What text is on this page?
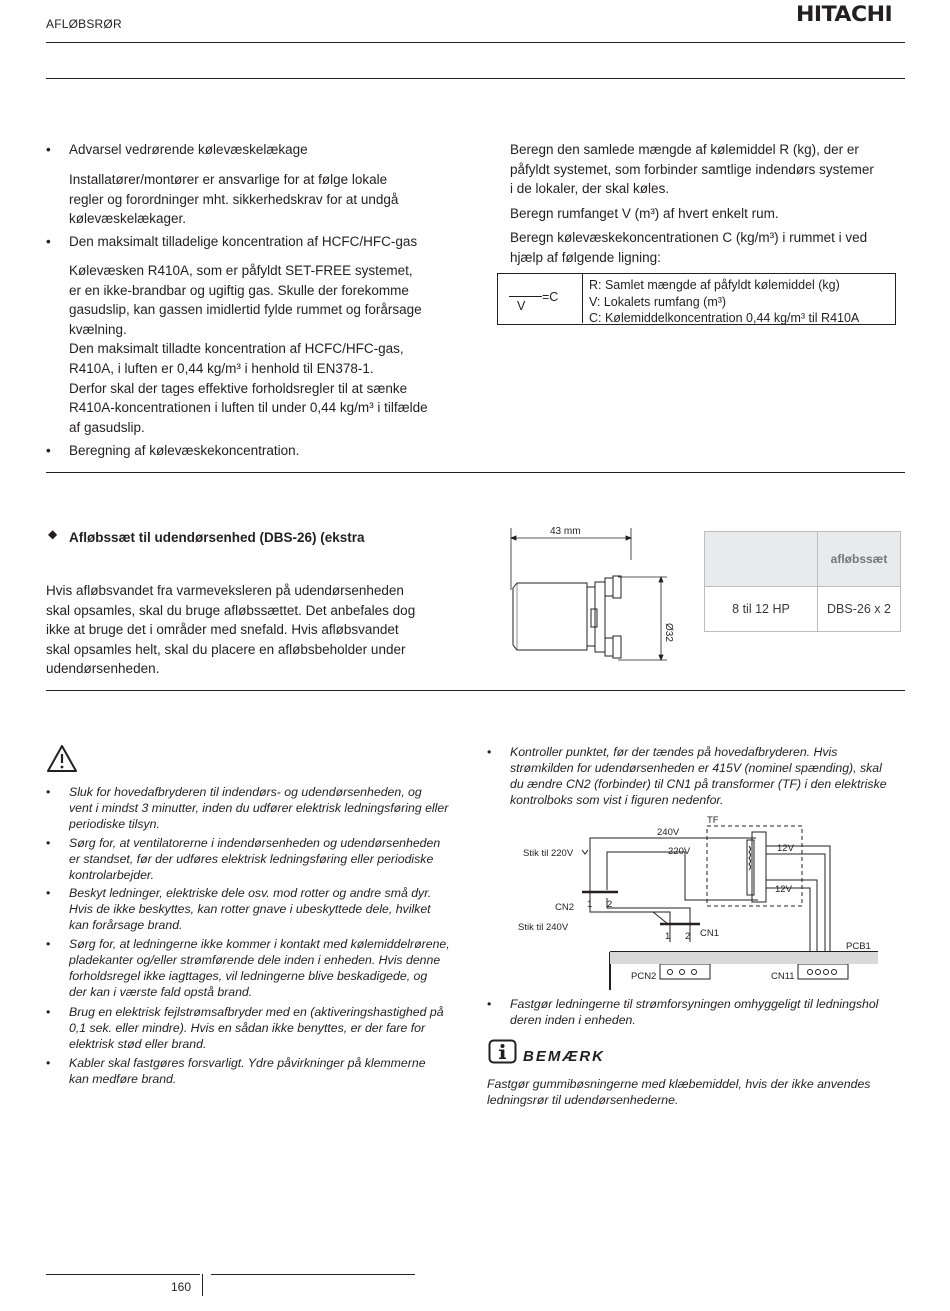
AFLØBSRØR	HITACHI
• Advarsel vedrørende kølevæskelækage
Installatører/montører er ansvarlige for at følge lokale
regler og forordninger mht. sikkerhedskrav for at undgå
kølevæskelækager.
• Den maksimalt tilladelige koncentration af HCFC/HFC-gas
Kølevæsken R410A, som er påfyldt SET-FREE systemet,
er en ikke-brandbar og ugiftig gas. Skulle der forekomme
gasudslip, kan gassen imidlertid fylde rummet og forårsage
kvælning.
Den maksimalt tilladte koncentration af HCFC/HFC-gas,
R410A, i luften er 0,44 kg/m³ i henhold til EN378-1.
Derfor skal der tages effektive forholdsregler til at sænke
R410A-koncentrationen i luften til under 0,44 kg/m³ i tilfælde
af gasudslip.
• Beregning af kølevæskekoncentration.
Beregn den samlede mængde af kølemiddel R (kg), der er
påfyldt systemet, som forbinder samtlige indendørs systemer
i de lokaler, der skal køles.
Beregn rumfanget V (m³) af hvert enkelt rum.
Beregn kølevæskekoncentrationen C (kg/m³) i rummet i ved
hjælp af følgende ligning:
=C
V
R: Samlet mængde af påfyldt kølemiddel (kg)
V: Lokalets rumfang (m³)
C: Kølemiddelkoncentration 0,44 kg/m³ til R410A
◆ Afløbssæt til udendørsenhed (DBS-26) (ekstra
Hvis afløbsvandet fra varmeveksleren på udendørsenheden
skal opsamles, skal du bruge afløbssættet. Det anbefales dog
ikke at bruge det i områder med snefald. Hvis afløbsvandet
skal opsamles helt, skal du placere en afløbsbeholder under
udendørsenheden.
43 mm
Ø32
	afløbssæt
8 til 12 HP	DBS-26 x 2
• Sluk for hovedafbryderen til indendørs- og udendørsenheden, og
vent i mindst 3 minutter, inden du udfører elektrisk ledningsføring eller
periodiske tilsyn.
• Sørg for, at ventilatorerne i indendørsenheden og udendørsenheden
er standset, før der udføres elektrisk ledningsføring eller periodiske
kontrolarbejder.
• Beskyt ledninger, elektriske dele osv. mod rotter og andre små dyr.
Hvis de ikke beskyttes, kan rotter gnave i ubeskyttede dele, hvilket
kan forårsage brand.
• Sørg for, at ledningerne ikke kommer i kontakt med kølemiddelrørene,
pladekanter og/eller strømførende dele inden i enheden. Hvis denne
forholdsregel ikke iagttages, vil ledningerne blive beskadigede, og
der kan i værste fald opstå brand.
• Brug en elektrisk fejlstrømsafbryder med en (aktiveringshastighed på
0,1 sek. eller mindre). Hvis en sådan ikke benyttes, er der fare for
elektrisk stød eller brand.
• Kabler skal fastgøres forsvarligt. Ydre påvirkninger på klemmerne
kan medføre brand.
• Kontroller punktet, før der tændes på hovedafbryderen. Hvis
strømkilden for udendørsenheden er 415V (nominel spænding), skal
du ændre CN2 (forbinder) til CN1 på transformer (TF) i den elektriske
kontrolboks som vist i figuren nedenfor.
• Fastgør ledningerne til strømforsyningen omhyggeligt til ledningshol
deren inden i enheden.
Fastgør gummibøsningerne med klæbemiddel, hvis der ikke anvendes
ledningsrør til udendørsenhederne.
BEMÆRK
TF
240V
220V	12V
12V
Stik til 220V
Stik til 240V
CN2 1 2
1 2 CN1
PCB1
PCN2	CN11
160
